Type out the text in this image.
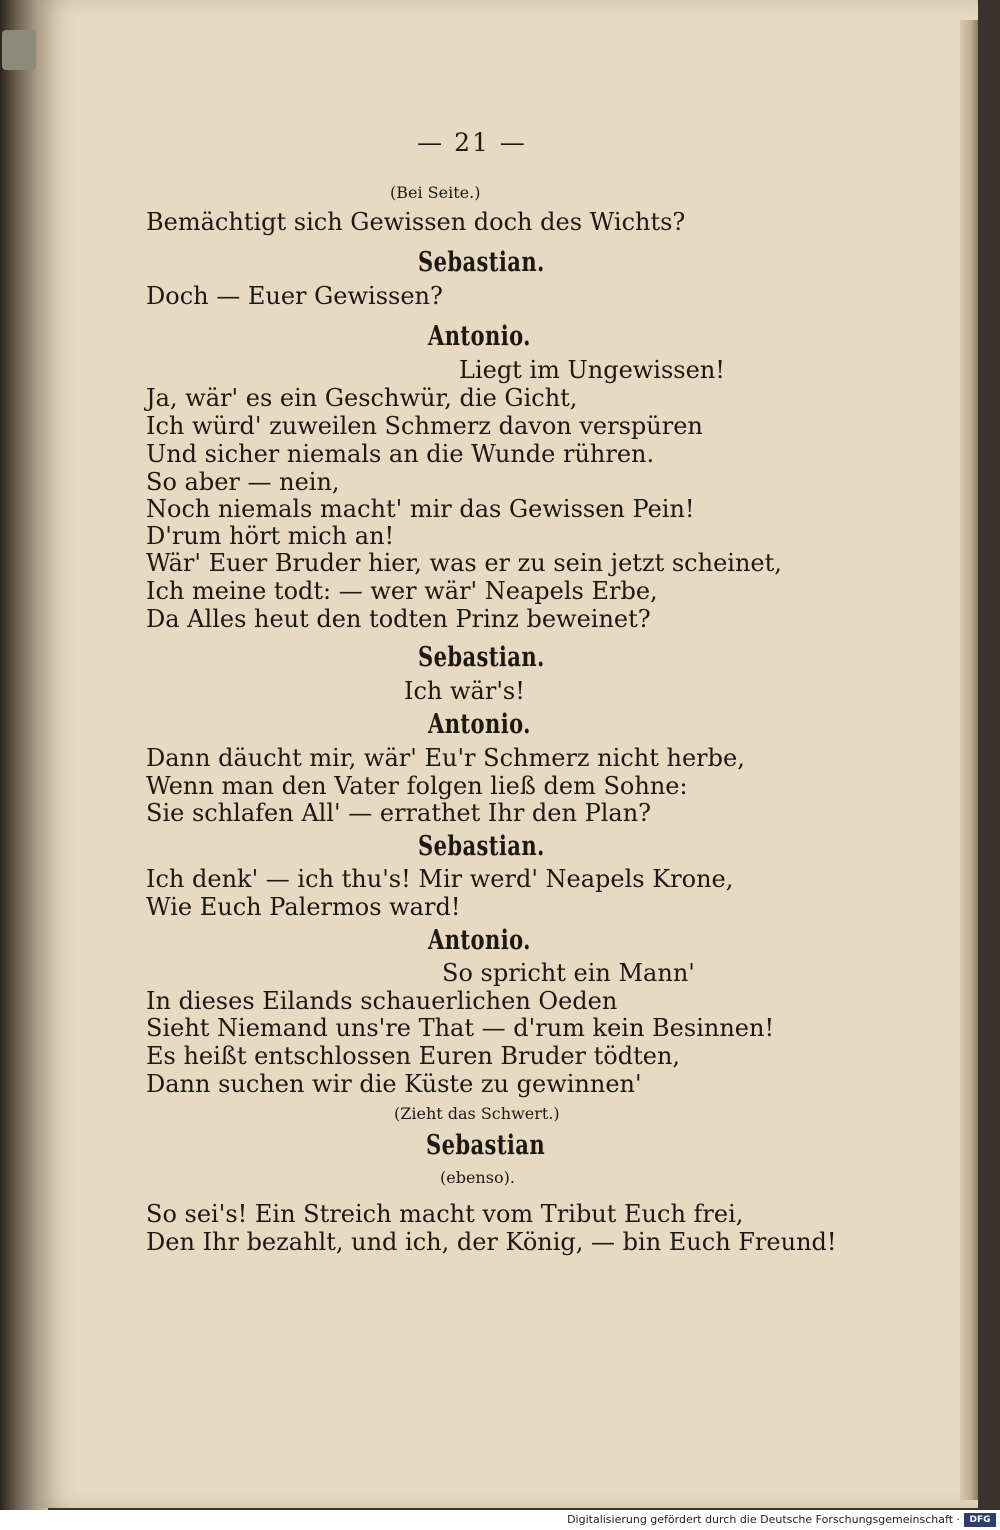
— 21 —
(Bei Seite.)
Bemächtigt sich Gewissen doch des Wichts?
Sebastian.
Doch — Euer Gewissen?
Antonio.
Liegt im Ungewissen!
Ja, wär' es ein Geschwür, die Gicht,
Ich würd' zuweilen Schmerz davon verspüren
Und sicher niemals an die Wunde rühren.
So aber — nein,
Noch niemals macht' mir das Gewissen Pein!
D'rum hört mich an!
Wär' Euer Bruder hier, was er zu sein jetzt scheinet,
Ich meine todt: — wer wär' Neapels Erbe,
Da Alles heut den todten Prinz beweinet?
Sebastian.
Ich wär's!
Antonio.
Dann däucht mir, wär' Eu'r Schmerz nicht herbe,
Wenn man den Vater folgen ließ dem Sohne:
Sie schlafen All' — errathet Ihr den Plan?
Sebastian.
Ich denk' — ich thu's! Mir werd' Neapels Krone,
Wie Euch Palermos ward!
Antonio.
So spricht ein Mann'
In dieses Eilands schauerlichen Oeden
Sieht Niemand uns're That — d'rum kein Besinnen!
Es heißt entschlossen Euren Bruder tödten,
Dann suchen wir die Küste zu gewinnen'
(Zieht das Schwert.)
Sebastian
(ebenso).
So sei's! Ein Streich macht vom Tribut Euch frei,
Den Ihr bezahlt, und ich, der König, — bin Euch Freund!
Digitalisierung gefördert durch die Deutsche Forschungsgemeinschaft ·	DFG
